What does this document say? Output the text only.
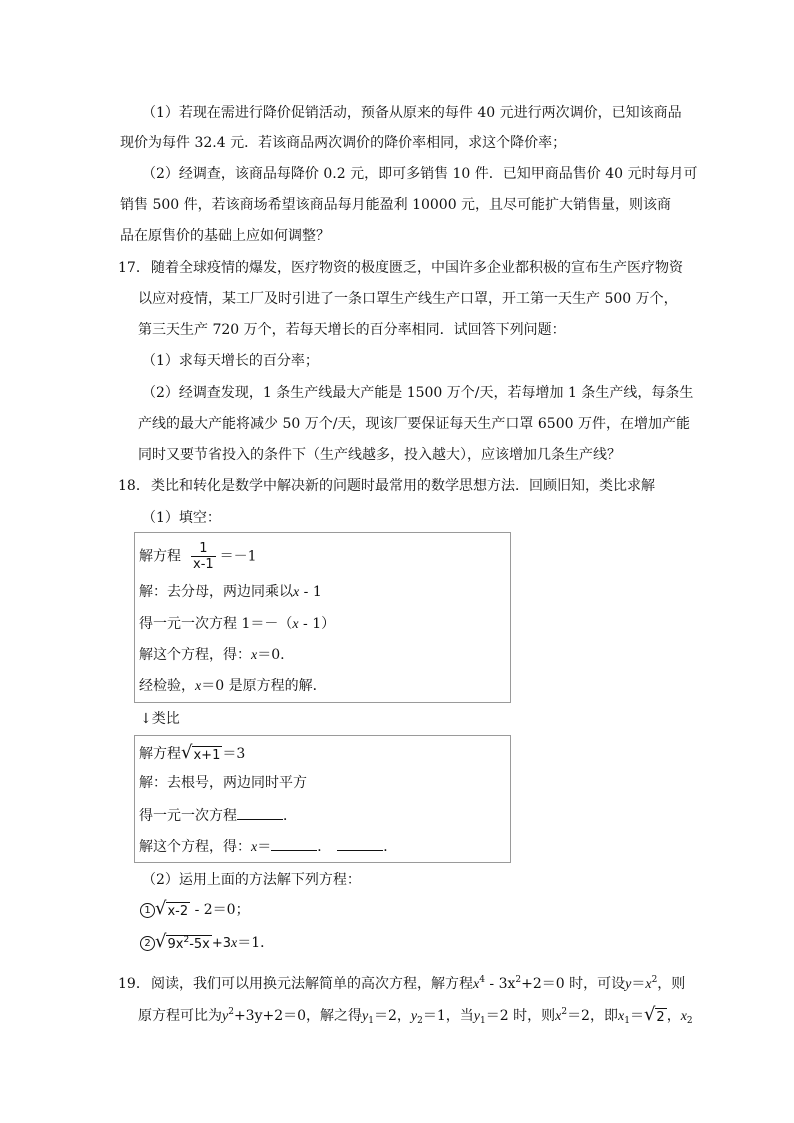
（1）若现在需进行降价促销活动，预备从原来的每件 40 元进行两次调价，已知该商品
现价为每件 32.4 元．若该商品两次调价的降价率相同，求这个降价率；
（2）经调查，该商品每降价 0.2 元，即可多销售 10 件．已知甲商品售价 40 元时每月可
销售 500 件，若该商场希望该商品每月能盈利 10000 元，且尽可能扩大销售量，则该商
品在原售价的基础上应如何调整？
17． 随着全球疫情的爆发，医疗物资的极度匮乏，中国许多企业都积极的宣布生产医疗物资
以应对疫情，某工厂及时引进了一条口罩生产线生产口罩，开工第一天生产 500 万个，
第三天生产 720 万个，若每天增长的百分率相同．试回答下列问题：
（1）求每天增长的百分率；
（2）经调查发现，1 条生产线最大产能是 1500 万个/天，若每增加 1 条生产线，每条生
产线的最大产能将减少 50 万个/天，现该厂要保证每天生产口罩 6500 万件，在增加产能
同时又要节省投入的条件下（生产线越多，投入越大），应该增加几条生产线？
18． 类比和转化是数学中解决新的问题时最常用的数学思想方法．回顾旧知，类比求解
（1）填空：
解方程 $\frac{1}{x-1} =-1$
解：去分母，两边同乘以x - 1
得一元一次方程 1＝－（x - 1）
解这个方程，得：x＝0.
经检验，x＝0 是原方程的解．
↓类比
解方程 √ x+1 ＝3
解：去根号，两边同时平方
得一元一次方程	．
解这个方程，得：x＝	．	．
（2）运用上面的方法解下列方程：
1 √ x-2 - 2＝0；
2 √ $9x^2-5x +3x=1$．
19． 阅读，我们可以用换元法解简单的高次方程，解方程$x^4 - 3x^2+2=0$ 时，可设$y=x^2$，则
原方程可比为$y^2+3y+2=0$，解之得$y_1=2$，$y_2=1$，当$y_1=2$ 时，则$x^2=2$，即$x_1=$ √ 2 ，$x_2$
